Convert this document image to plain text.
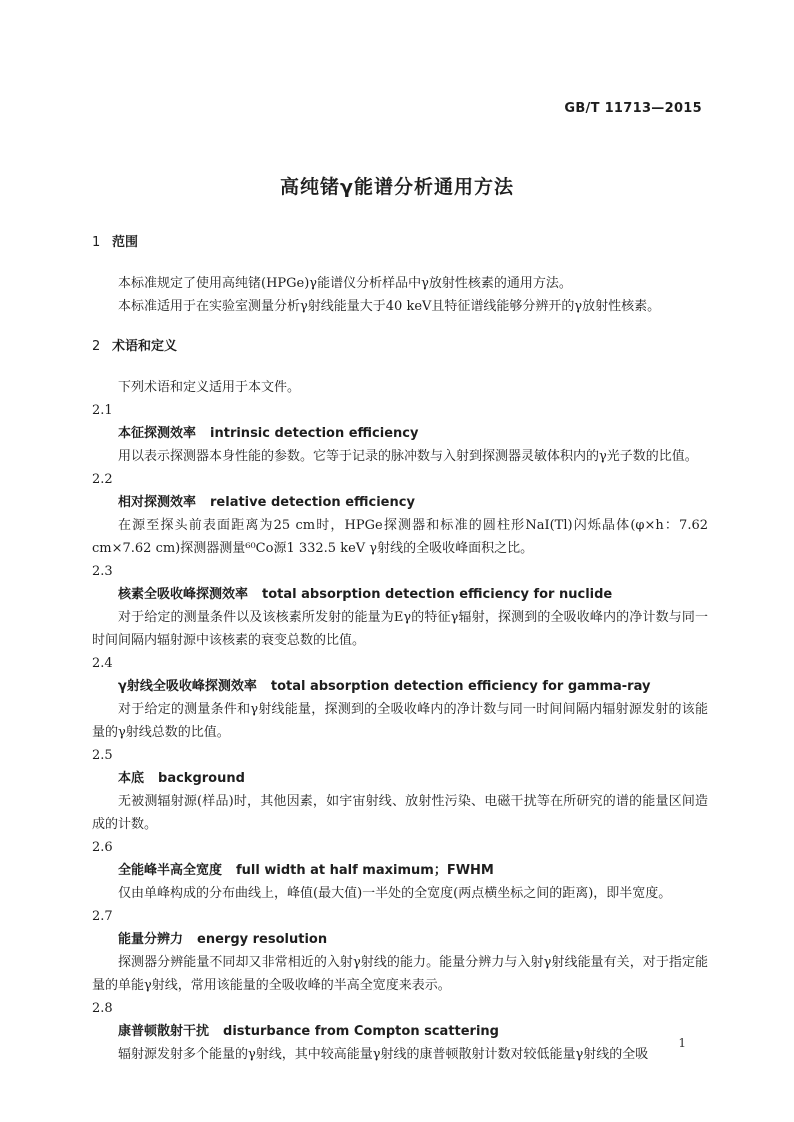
GB/T 11713—2015
高纯锗γ能谱分析通用方法
1 范围

本标准规定了使用高纯锗(HPGe)γ能谱仪分析样品中γ放射性核素的通用方法。

本标准适用于在实验室测量分析γ射线能量大于40 keV且特征谱线能够分辨开的γ放射性核素。

2 术语和定义

下列术语和定义适用于本文件。

2.1
本征探测效率 intrinsic detection efficiency

用以表示探测器本身性能的参数。它等于记录的脉冲数与入射到探测器灵敏体积内的γ光子数的比值。

2.2
相对探测效率 relative detection efficiency

在源至探头前表面距离为25 cm时，HPGe探测器和标准的圆柱形NaI(Tl)闪烁晶体(φ×h：7.62 cm×7.62 cm)探测器测量⁶⁰Co源1 332.5 keV γ射线的全吸收峰面积之比。

2.3
核素全吸收峰探测效率 total absorption detection efficiency for nuclide

对于给定的测量条件以及该核素所发射的能量为Eγ的特征γ辐射，探测到的全吸收峰内的净计数与同一时间间隔内辐射源中该核素的衰变总数的比值。

2.4
γ射线全吸收峰探测效率 total absorption detection efficiency for gamma-ray

对于给定的测量条件和γ射线能量，探测到的全吸收峰内的净计数与同一时间间隔内辐射源发射的该能量的γ射线总数的比值。

2.5
本底 background

无被测辐射源(样品)时，其他因素，如宇宙射线、放射性污染、电磁干扰等在所研究的谱的能量区间造成的计数。

2.6
全能峰半高全宽度 full width at half maximum；FWHM

仅由单峰构成的分布曲线上，峰值(最大值)一半处的全宽度(两点横坐标之间的距离)，即半宽度。

2.7
能量分辨力 energy resolution

探测器分辨能量不同却又非常相近的入射γ射线的能力。能量分辨力与入射γ射线能量有关，对于指定能量的单能γ射线，常用该能量的全吸收峰的半高全宽度来表示。

2.8
康普顿散射干扰 disturbance from Compton scattering

辐射源发射多个能量的γ射线，其中较高能量γ射线的康普顿散射计数对较低能量γ射线的全吸

1
